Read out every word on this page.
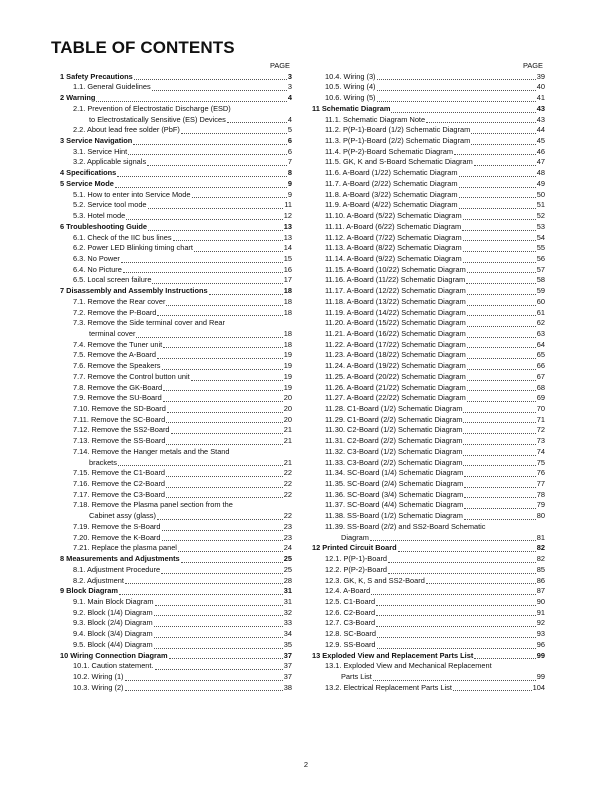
TABLE OF CONTENTS
PAGE
1 Safety Precautions	3
1.1. General Guidelines	3
2 Warning	4
2.1. Prevention of Electrostatic Discharge (ESD)
to Electrostatically Sensitive (ES) Devices	4
2.2. About lead free solder (PbF)	5
3 Service Navigation	6
3.1. Service Hint	6
3.2. Applicable signals	7
4 Specifications	8
5 Service Mode	9
5.1. How to enter into Service Mode	9
5.2. Service tool mode	11
5.3. Hotel mode	12
6 Troubleshooting Guide	13
6.1. Check of the IIC bus lines	13
6.2. Power LED Blinking timing chart	14
6.3. No Power	15
6.4. No Picture	16
6.5. Local screen failure	17
7 Disassembly and Assembly Instructions	18
7.1. Remove the Rear cover	18
7.2. Remove the P-Board	18
7.3. Remove the Side terminal cover and Rear
terminal cover	18
7.4. Remove the Tuner unit	18
7.5. Remove the A-Board	19
7.6. Remove the Speakers	19
7.7. Remove the Control button unit	19
7.8. Remove the GK-Board	19
7.9. Remove the SU-Board	20
7.10. Remove the SD-Board	20
7.11. Remove the SC-Board	20
7.12. Remove the SS2-Board	21
7.13. Remove the SS-Board	21
7.14. Remove the Hanger metals and the Stand
brackets	21
7.15. Remove the C1-Board	22
7.16. Remove the C2-Board	22
7.17. Remove the C3-Board	22
7.18. Remove the Plasma panel section from the
Cabinet assy (glass)	22
7.19. Remove the S-Board	23
7.20. Remove the K-Board	23
7.21. Replace the plasma panel	24
8 Measurements and Adjustments	25
8.1. Adjustment Procedure	25
8.2. Adjustment	28
9 Block Diagram	31
9.1. Main Block Diagram	31
9.2. Block (1/4) Diagram	32
9.3. Block (2/4) Diagram	33
9.4. Block (3/4) Diagram	34
9.5. Block (4/4) Diagram	35
10 Wiring Connection Diagram	37
10.1. Caution statement.	37
10.2. Wiring (1)	37
10.3. Wiring (2)	38
PAGE
10.4. Wiring (3)	39
10.5. Wiring (4)	40
10.6. Wiring (5)	41
11 Schematic Diagram	43
11.1. Schematic Diagram Note	43
11.2. P(P-1)-Board (1/2) Schematic Diagram	44
11.3. P(P-1)-Board (2/2) Schematic Diagram	45
11.4. P(P-2)-Board Schematic Diagram	46
11.5. GK, K and S-Board Schematic Diagram	47
11.6. A-Board (1/22) Schematic Diagram	48
11.7. A-Board (2/22) Schematic Diagram	49
11.8. A-Board (3/22) Schematic Diagram	50
11.9. A-Board (4/22) Schematic Diagram	51
11.10. A-Board (5/22) Schematic Diagram	52
11.11. A-Board (6/22) Schematic Diagram	53
11.12. A-Board (7/22) Schematic Diagram	54
11.13. A-Board (8/22) Schematic Diagram	55
11.14. A-Board (9/22) Schematic Diagram	56
11.15. A-Board (10/22) Schematic Diagram	57
11.16. A-Board (11/22) Schematic Diagram	58
11.17. A-Board (12/22) Schematic Diagram	59
11.18. A-Board (13/22) Schematic Diagram	60
11.19. A-Board (14/22) Schematic Diagram	61
11.20. A-Board (15/22) Schematic Diagram	62
11.21. A-Board (16/22) Schematic Diagram	63
11.22. A-Board (17/22) Schematic Diagram	64
11.23. A-Board (18/22) Schematic Diagram	65
11.24. A-Board (19/22) Schematic Diagram	66
11.25. A-Board (20/22) Schematic Diagram	67
11.26. A-Board (21/22) Schematic Diagram	68
11.27. A-Board (22/22) Schematic Diagram	69
11.28. C1-Board (1/2) Schematic Diagram	70
11.29. C1-Board (2/2) Schematic Diagram	71
11.30. C2-Board (1/2) Schematic Diagram	72
11.31. C2-Board (2/2) Schematic Diagram	73
11.32. C3-Board (1/2) Schematic Diagram	74
11.33. C3-Board (2/2) Schematic Diagram	75
11.34. SC-Board (1/4) Schematic Diagram	76
11.35. SC-Board (2/4) Schematic Diagram	77
11.36. SC-Board (3/4) Schematic Diagram	78
11.37. SC-Board (4/4) Schematic Diagram	79
11.38. SS-Board (1/2) Schematic Diagram	80
11.39. SS-Board (2/2) and SS2-Board Schematic
Diagram	81
12 Printed Circuit Board	82
12.1. P(P-1)-Board	82
12.2. P(P-2)-Board	85
12.3. GK, K, S and SS2-Board	86
12.4. A-Board	87
12.5. C1-Board	90
12.6. C2-Board	91
12.7. C3-Board	92
12.8. SC-Board	93
12.9. SS-Board	96
13 Exploded View and Replacement Parts List	99
13.1. Exploded View and Mechanical Replacement
Parts List	99
13.2. Electrical Replacement Parts List	104
2
